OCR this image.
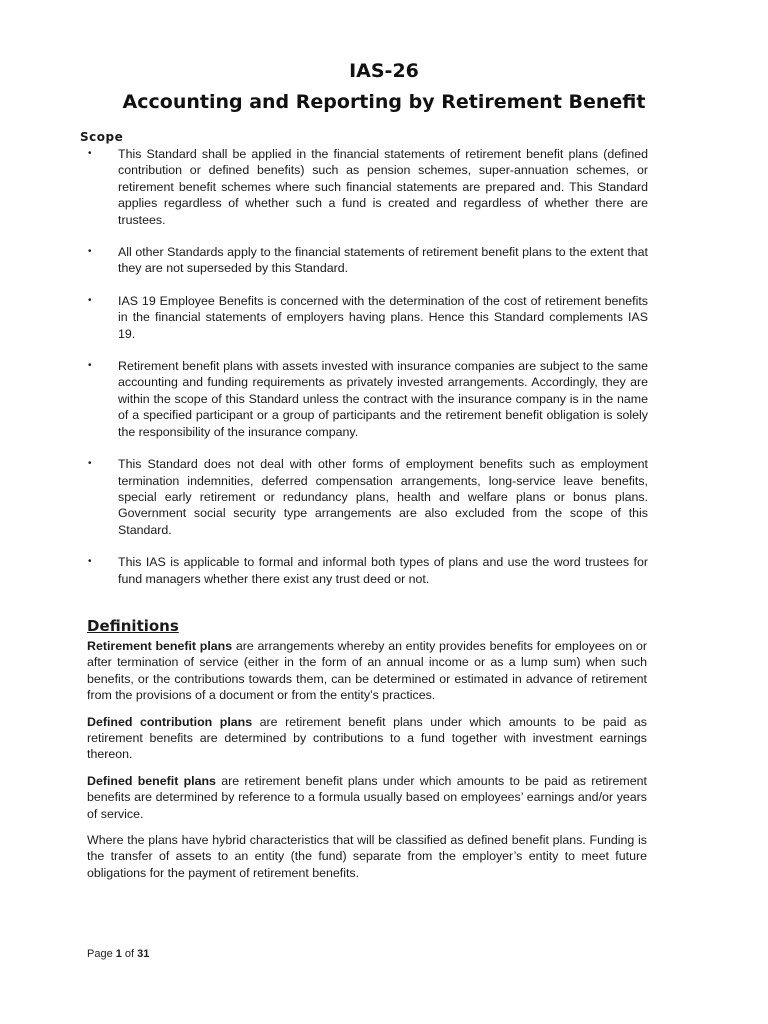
IAS-26
Accounting and Reporting by Retirement Benefit
Scope
• This Standard shall be applied in the financial statements of retirement benefit plans (defined contribution or defined benefits) such as pension schemes, super-annuation schemes, or retirement benefit schemes where such financial statements are prepared and. This Standard applies regardless of whether such a fund is created and regardless of whether there are trustees.
• All other Standards apply to the financial statements of retirement benefit plans to the extent that they are not superseded by this Standard.
• IAS 19 Employee Benefits is concerned with the determination of the cost of retirement benefits in the financial statements of employers having plans. Hence this Standard complements IAS 19.
• Retirement benefit plans with assets invested with insurance companies are subject to the same accounting and funding requirements as privately invested arrangements. Accordingly, they are within the scope of this Standard unless the contract with the insurance company is in the name of a specified participant or a group of participants and the retirement benefit obligation is solely the responsibility of the insurance company.
• This Standard does not deal with other forms of employment benefits such as employment termination indemnities, deferred compensation arrangements, long-service leave benefits, special early retirement or redundancy plans, health and welfare plans or bonus plans. Government social security type arrangements are also excluded from the scope of this Standard.
• This IAS is applicable to formal and informal both types of plans and use the word trustees for fund managers whether there exist any trust deed or not.
Definitions

Retirement benefit plans are arrangements whereby an entity provides benefits for employees on or after termination of service (either in the form of an annual income or as a lump sum) when such benefits, or the contributions towards them, can be determined or estimated in advance of retirement from the provisions of a document or from the entity’s practices.

Defined contribution plans are retirement benefit plans under which amounts to be paid as retirement benefits are determined by contributions to a fund together with investment earnings thereon.

Defined benefit plans are retirement benefit plans under which amounts to be paid as retirement benefits are determined by reference to a formula usually based on employees’ earnings and/or years of service.

Where the plans have hybrid characteristics that will be classified as defined benefit plans. Funding is the transfer of assets to an entity (the fund) separate from the employer’s entity to meet future obligations for the payment of retirement benefits.

Page 1 of 31
